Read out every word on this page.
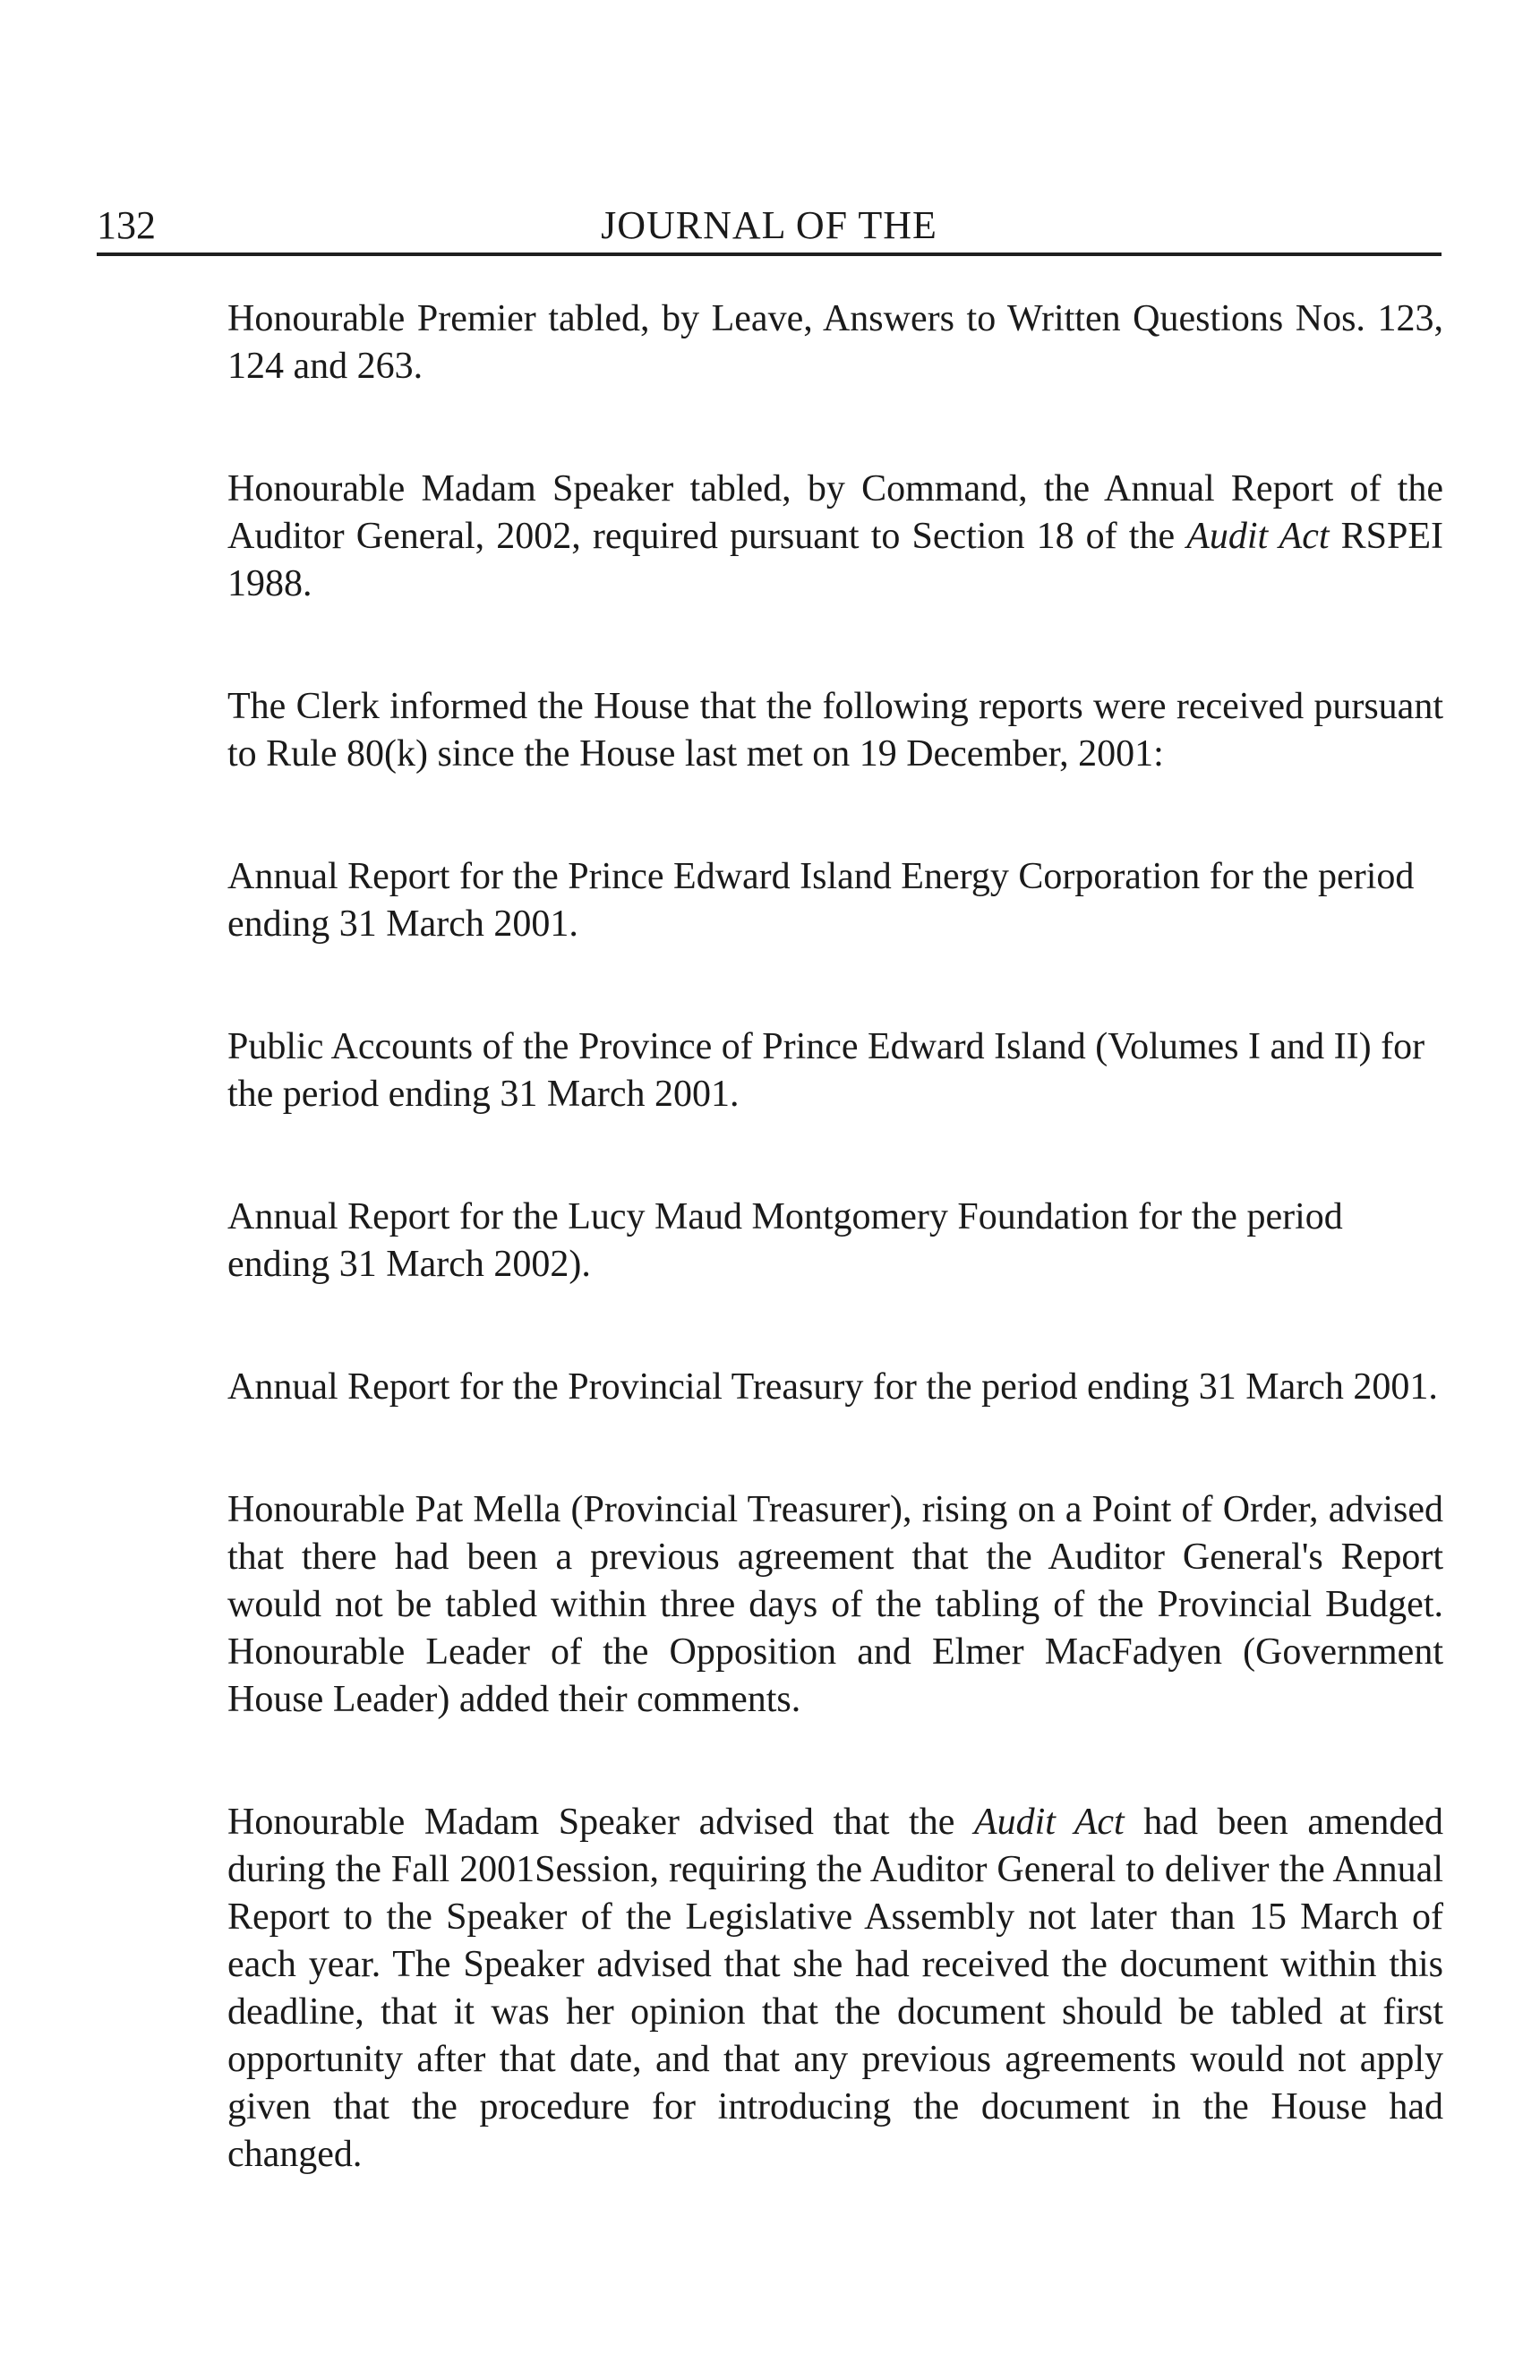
132	JOURNAL OF THE

Honourable Premier tabled, by Leave, Answers to Written Questions Nos. 123, 124 and 263.

Honourable Madam Speaker tabled, by Command, the Annual Report of the Auditor General, 2002, required pursuant to Section 18 of the Audit Act RSPEI 1988.

The Clerk informed the House that the following reports were received pursuant to Rule 80(k) since the House last met on 19 December, 2001:

Annual Report for the Prince Edward Island Energy Corporation for the period ending 31 March 2001.

Public Accounts of the Province of Prince Edward Island (Volumes I and II) for the period ending 31 March 2001.

Annual Report for the Lucy Maud Montgomery Foundation for the period ending 31 March 2002).

Annual Report for the Provincial Treasury for the period ending 31 March 2001.

Honourable Pat Mella (Provincial Treasurer), rising on a Point of Order, advised that there had been a previous agreement that the Auditor General's Report would not be tabled within three days of the tabling of the Provincial Budget. Honourable Leader of the Opposition and Elmer MacFadyen (Government House Leader) added their comments.

Honourable Madam Speaker advised that the Audit Act had been amended during the Fall 2001Session, requiring the Auditor General to deliver the Annual Report to the Speaker of the Legislative Assembly not later than 15 March of each year. The Speaker advised that she had received the document within this deadline, that it was her opinion that the document should be tabled at first opportunity after that date, and that any previous agreements would not apply given that the procedure for introducing the document in the House had changed.
